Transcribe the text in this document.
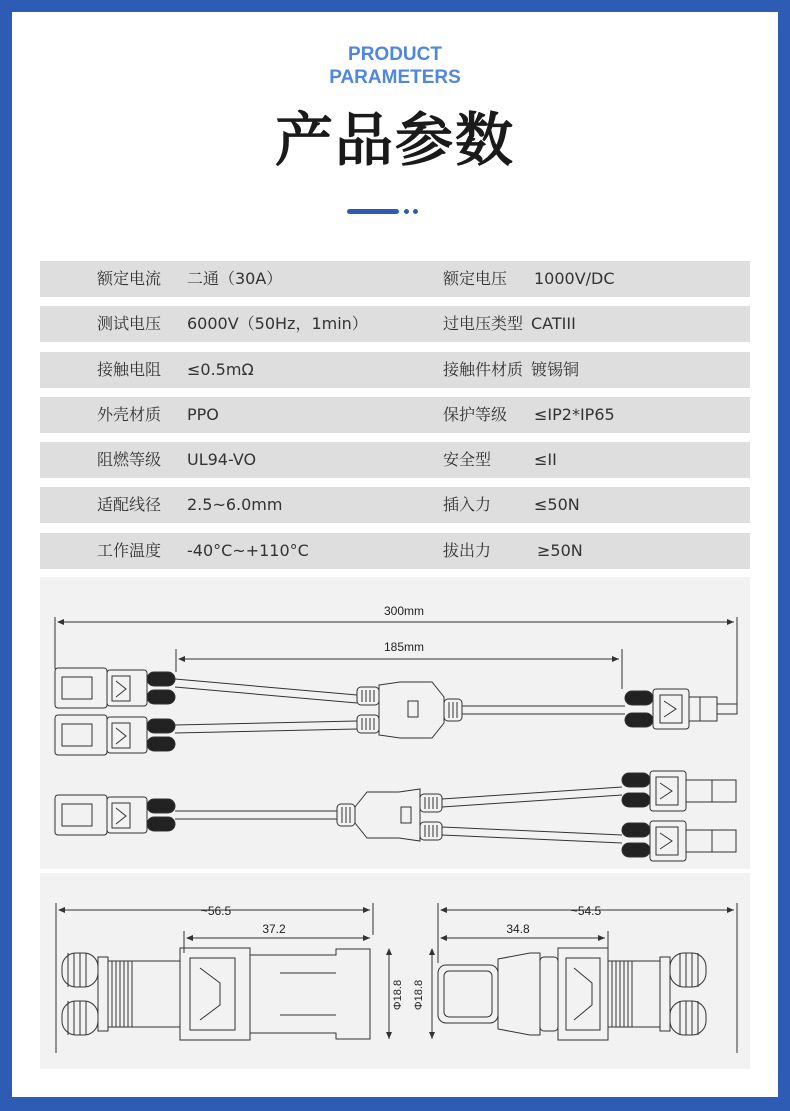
PRODUCT
PARAMETERS
产品参数
额定电流 二通（30A）	额定电压 1000V/DC
测试电压 6000V（50Hz，1min）	过电压类型 CATIII
接触电阻 ≤0.5mΩ	接触件材质 镀锡铜
外壳材质 PPO	保护等级 ≤IP2*IP65
阻燃等级 UL94-VO	安全型	≤II
适配线径 2.5~6.0mm	插入力	≤50N
工作温度 -40°C~+110°C	拔出力	≥50N
300mm
185mm
~56.5
37.2
Φ18.8 Φ18.8
~54.5
34.8
